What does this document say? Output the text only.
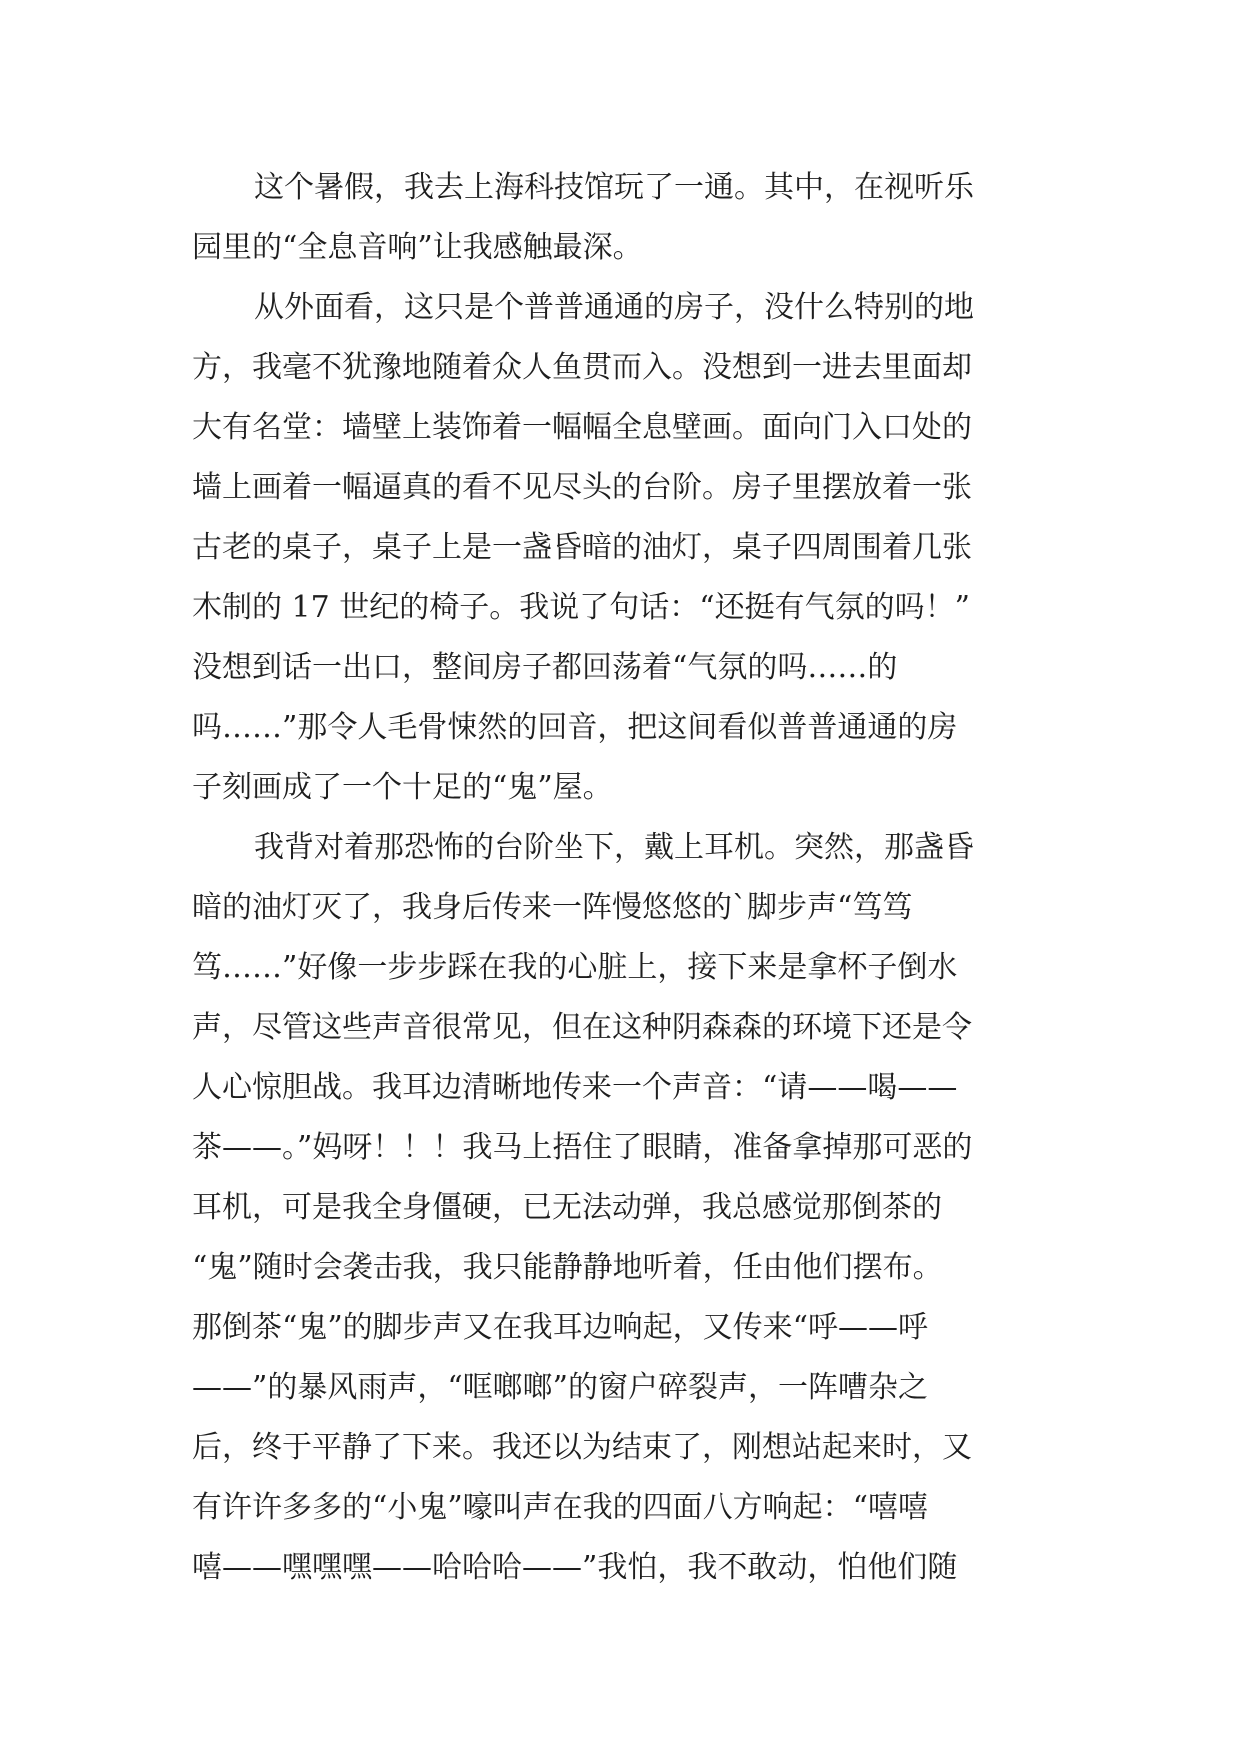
这个暑假，我去上海科技馆玩了一通。其中，在视听乐
园里的“全息音响”让我感触最深。
从外面看，这只是个普普通通的房子，没什么特别的地
方，我毫不犹豫地随着众人鱼贯而入。没想到一进去里面却
大有名堂：墙壁上装饰着一幅幅全息壁画。面向门入口处的
墙上画着一幅逼真的看不见尽头的台阶。房子里摆放着一张
古老的桌子，桌子上是一盏昏暗的油灯，桌子四周围着几张
木制的 17 世纪的椅子。我说了句话：“还挺有气氛的吗！”
没想到话一出口，整间房子都回荡着“气氛的吗……的
吗……”那令人毛骨悚然的回音，把这间看似普普通通的房
子刻画成了一个十足的“鬼”屋。
我背对着那恐怖的台阶坐下，戴上耳机。突然，那盏昏
暗的油灯灭了，我身后传来一阵慢悠悠的`脚步声“笃笃
笃……”好像一步步踩在我的心脏上，接下来是拿杯子倒水
声，尽管这些声音很常见，但在这种阴森森的环境下还是令
人心惊胆战。我耳边清晰地传来一个声音：“请——喝——
茶——。”妈呀！！！我马上捂住了眼睛，准备拿掉那可恶的
耳机，可是我全身僵硬，已无法动弹，我总感觉那倒茶的
“鬼”随时会袭击我，我只能静静地听着，任由他们摆布。
那倒茶“鬼”的脚步声又在我耳边响起，又传来“呼——呼
——”的暴风雨声，“哐啷啷”的窗户碎裂声，一阵嘈杂之
后，终于平静了下来。我还以为结束了，刚想站起来时，又
有许许多多的“小鬼”嚎叫声在我的四面八方响起：“嘻嘻
嘻——嘿嘿嘿——哈哈哈——”我怕，我不敢动，怕他们随
